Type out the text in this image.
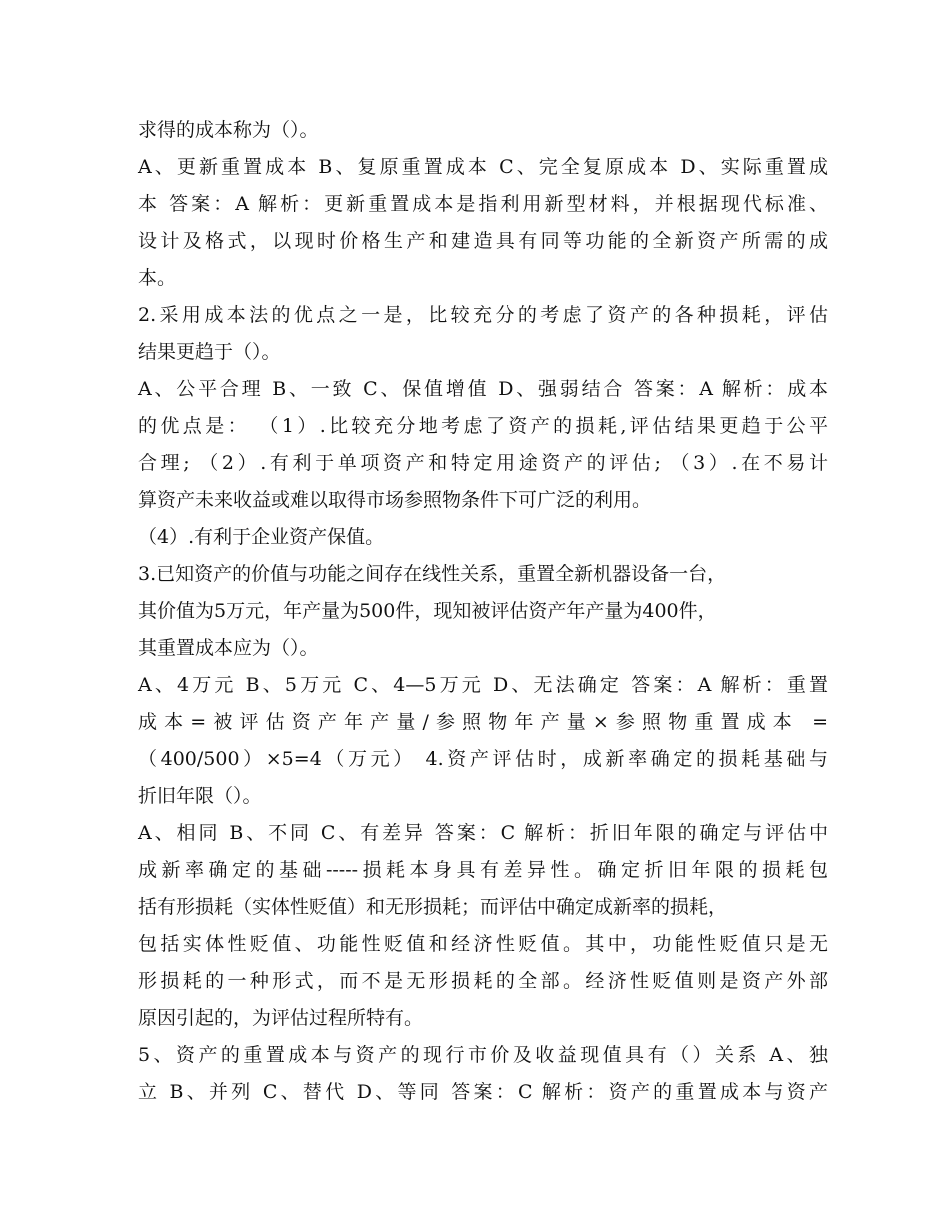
求得的成本称为（）。
A、更新重置成本 B、复原重置成本 C、完全复原成本 D、实际重置成
本 答案：A 解析：更新重置成本是指利用新型材料，并根据现代标准、
设计及格式，以现时价格生产和建造具有同等功能的全新资产所需的成
本。
2.采用成本法的优点之一是，比较充分的考虑了资产的各种损耗，评估
结果更趋于（）。
A、公平合理 B、一致 C、保值增值 D、强弱结合 答案：A 解析：成本
的优点是： （1）.比较充分地考虑了资产的损耗,评估结果更趋于公平
合理; （2）.有利于单项资产和特定用途资产的评估; （3）.在不易计
算资产未来收益或难以取得市场参照物条件下可广泛的利用。
（4）.有利于企业资产保值。
3.已知资产的价值与功能之间存在线性关系，重置全新机器设备一台，
其价值为5万元，年产量为500件，现知被评估资产年产量为400件，
其重置成本应为（）。
A、4万元 B、5万元 C、4—5万元 D、无法确定 答案：A 解析：重置
成本=被评估资产年产量/参照物年产量×参照物重置成本 =
（400/500）×5=4（万元） 4.资产评估时，成新率确定的损耗基础与
折旧年限（）。
A、相同 B、不同 C、有差异 答案：C 解析：折旧年限的确定与评估中
成新率确定的基础-----损耗本身具有差异性。确定折旧年限的损耗包
括有形损耗（实体性贬值）和无形损耗；而评估中确定成新率的损耗，
包括实体性贬值、功能性贬值和经济性贬值。其中，功能性贬值只是无
形损耗的一种形式，而不是无形损耗的全部。经济性贬值则是资产外部
原因引起的，为评估过程所特有。
5、资产的重置成本与资产的现行市价及收益现值具有（）关系 A、独
立 B、并列 C、替代 D、等同 答案：C 解析：资产的重置成本与资产
